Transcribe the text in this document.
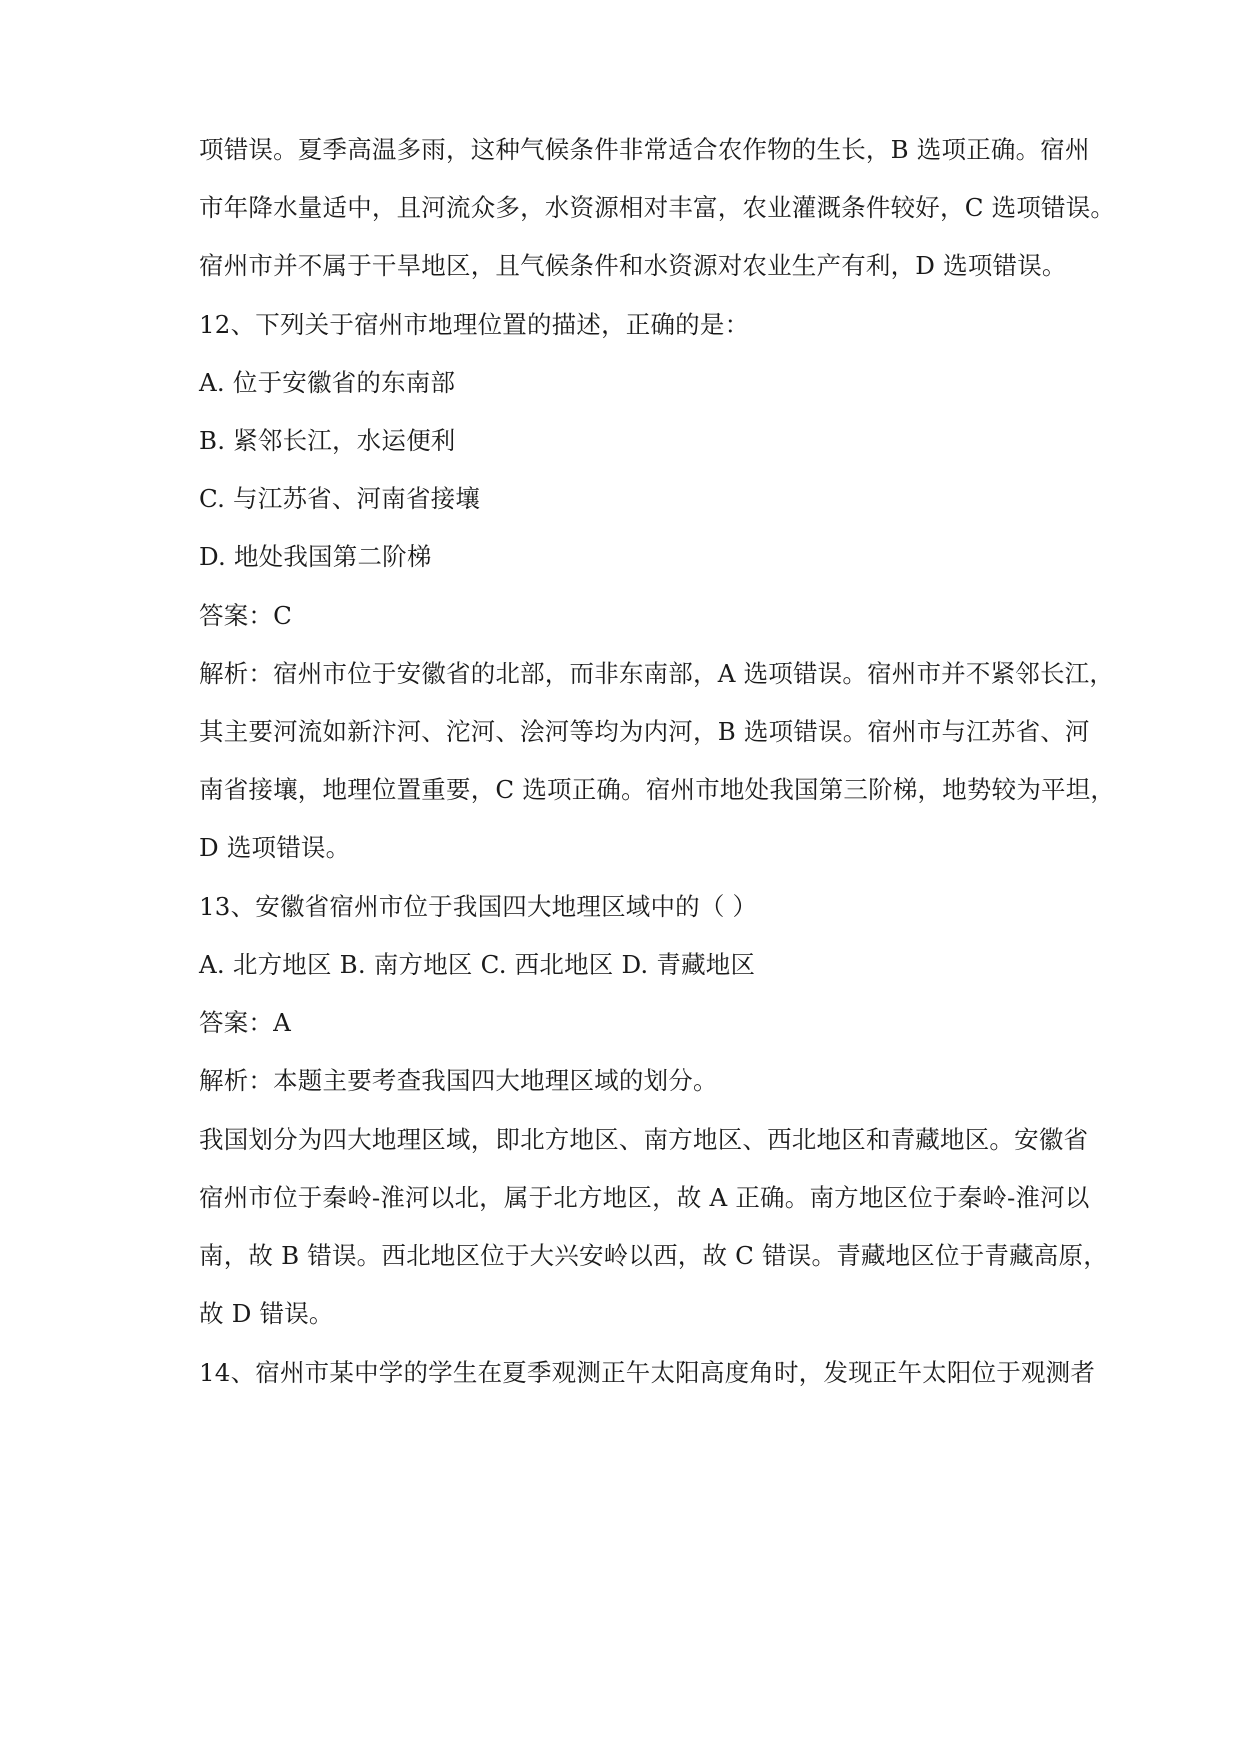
项错误。夏季高温多雨，这种气候条件非常适合农作物的生长，B 选项正确。宿州
市年降水量适中，且河流众多，水资源相对丰富，农业灌溉条件较好，C 选项错误。
宿州市并不属于干旱地区，且气候条件和水资源对农业生产有利，D 选项错误。
12、下列关于宿州市地理位置的描述，正确的是：
A. 位于安徽省的东南部
B. 紧邻长江，水运便利
C. 与江苏省、河南省接壤
D. 地处我国第二阶梯
答案：C
解析：宿州市位于安徽省的北部，而非东南部，A 选项错误。宿州市并不紧邻长江，
其主要河流如新汴河、沱河、浍河等均为内河，B 选项错误。宿州市与江苏省、河
南省接壤，地理位置重要，C 选项正确。宿州市地处我国第三阶梯，地势较为平坦，
D 选项错误。
13、安徽省宿州市位于我国四大地理区域中的（ ）
A. 北方地区 B. 南方地区 C. 西北地区 D. 青藏地区
答案：A
解析：本题主要考查我国四大地理区域的划分。
我国划分为四大地理区域，即北方地区、南方地区、西北地区和青藏地区。安徽省
宿州市位于秦岭-淮河以北，属于北方地区，故 A 正确。南方地区位于秦岭-淮河以
南，故 B 错误。西北地区位于大兴安岭以西，故 C 错误。青藏地区位于青藏高原，
故 D 错误。
14、宿州市某中学的学生在夏季观测正午太阳高度角时，发现正午太阳位于观测者
